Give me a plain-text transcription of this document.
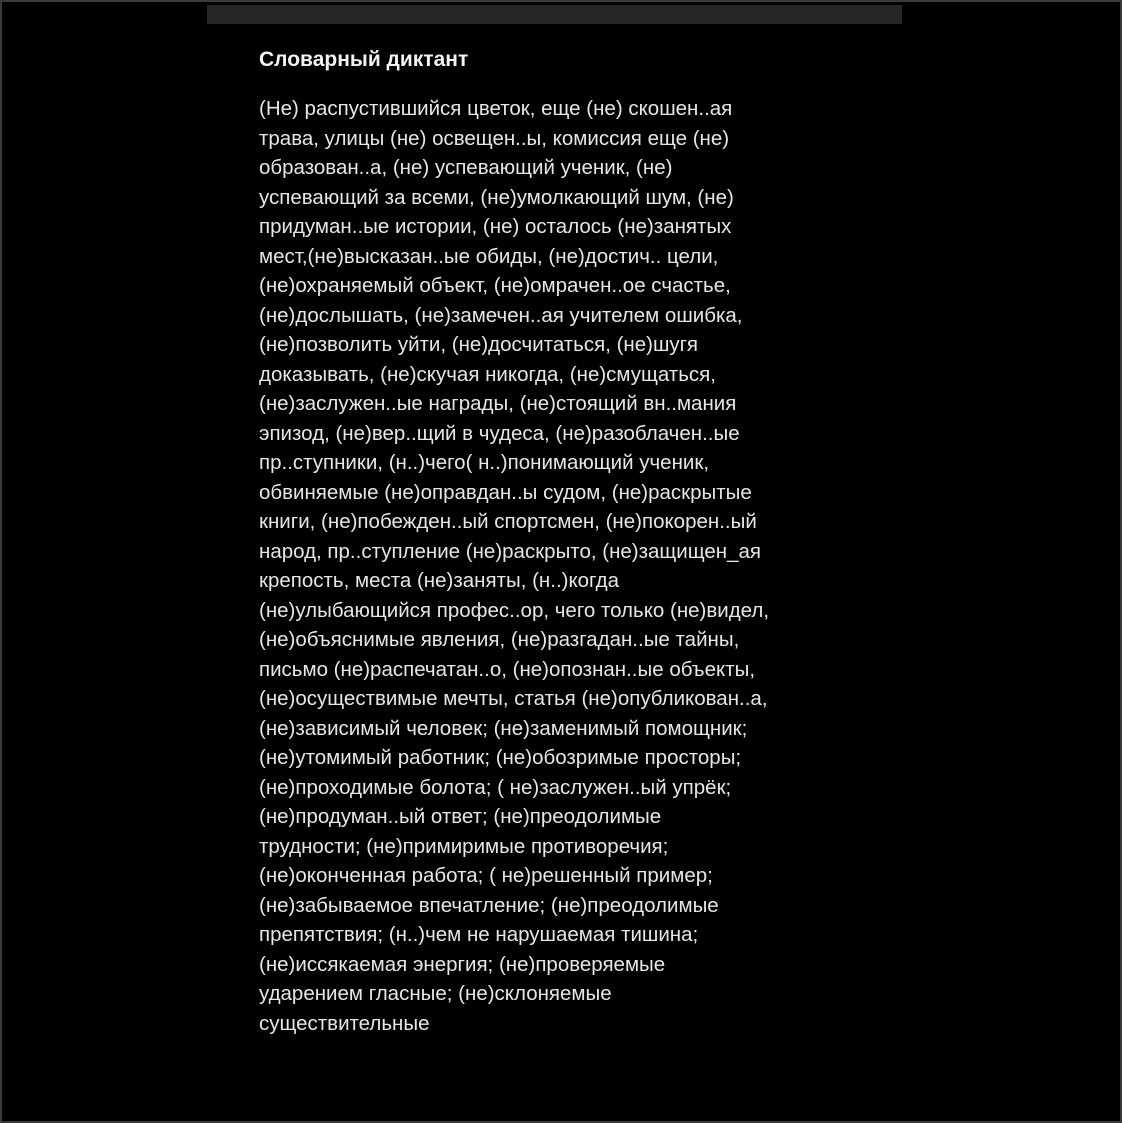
Словарный диктант
(Не) распустившийся цветок, еще (не) скошен..ая
трава, улицы (не) освещен..ы, комиссия еще (не)
образован..а, (не) успевающий ученик, (не)
успевающий за всеми, (не)умолкающий шум, (не)
придуман..ые истории, (не) осталось (не)занятых
мест,(не)высказан..ые обиды, (не)достич.. цели,
(не)охраняемый объект, (не)омрачен..ое счастье,
(не)дослышать, (не)замечен..ая учителем ошибка,
(не)позволить уйти, (не)досчитаться, (не)шугя
доказывать, (не)скучая никогда, (не)смущаться,
(не)заслужен..ые награды, (не)стоящий вн..мания
эпизод, (не)вер..щий в чудеса, (не)разоблачен..ые
пр..ступники, (н..)чего( н..)понимающий ученик,
обвиняемые (не)оправдан..ы судом, (не)раскрытые
книги, (не)побежден..ый спортсмен, (не)покорен..ый
народ, пр..ступление (не)раскрыто, (не)защищен_ая
крепость, места (не)заняты, (н..)когда
(не)улыбающийся профес..ор, чего только (не)видел,
(не)объяснимые явления, (не)разгадан..ые тайны,
письмо (не)распечатан..о, (не)опознан..ые объекты,
(не)осуществимые мечты, статья (не)опубликован..а,
(не)зависимый человек; (не)заменимый помощник;
(не)утомимый работник; (не)обозримые просторы;
(не)проходимые болота; ( не)заслужен..ый упрёк;
(не)продуман..ый ответ; (не)преодолимые
трудности; (не)примиримые противоречия;
(не)оконченная работа; ( не)решенный пример;
(не)забываемое впечатление; (не)преодолимые
препятствия; (н..)чем не нарушаемая тишина;
(не)иссякаемая энергия; (не)проверяемые
ударением гласные; (не)склоняемые
существительные
